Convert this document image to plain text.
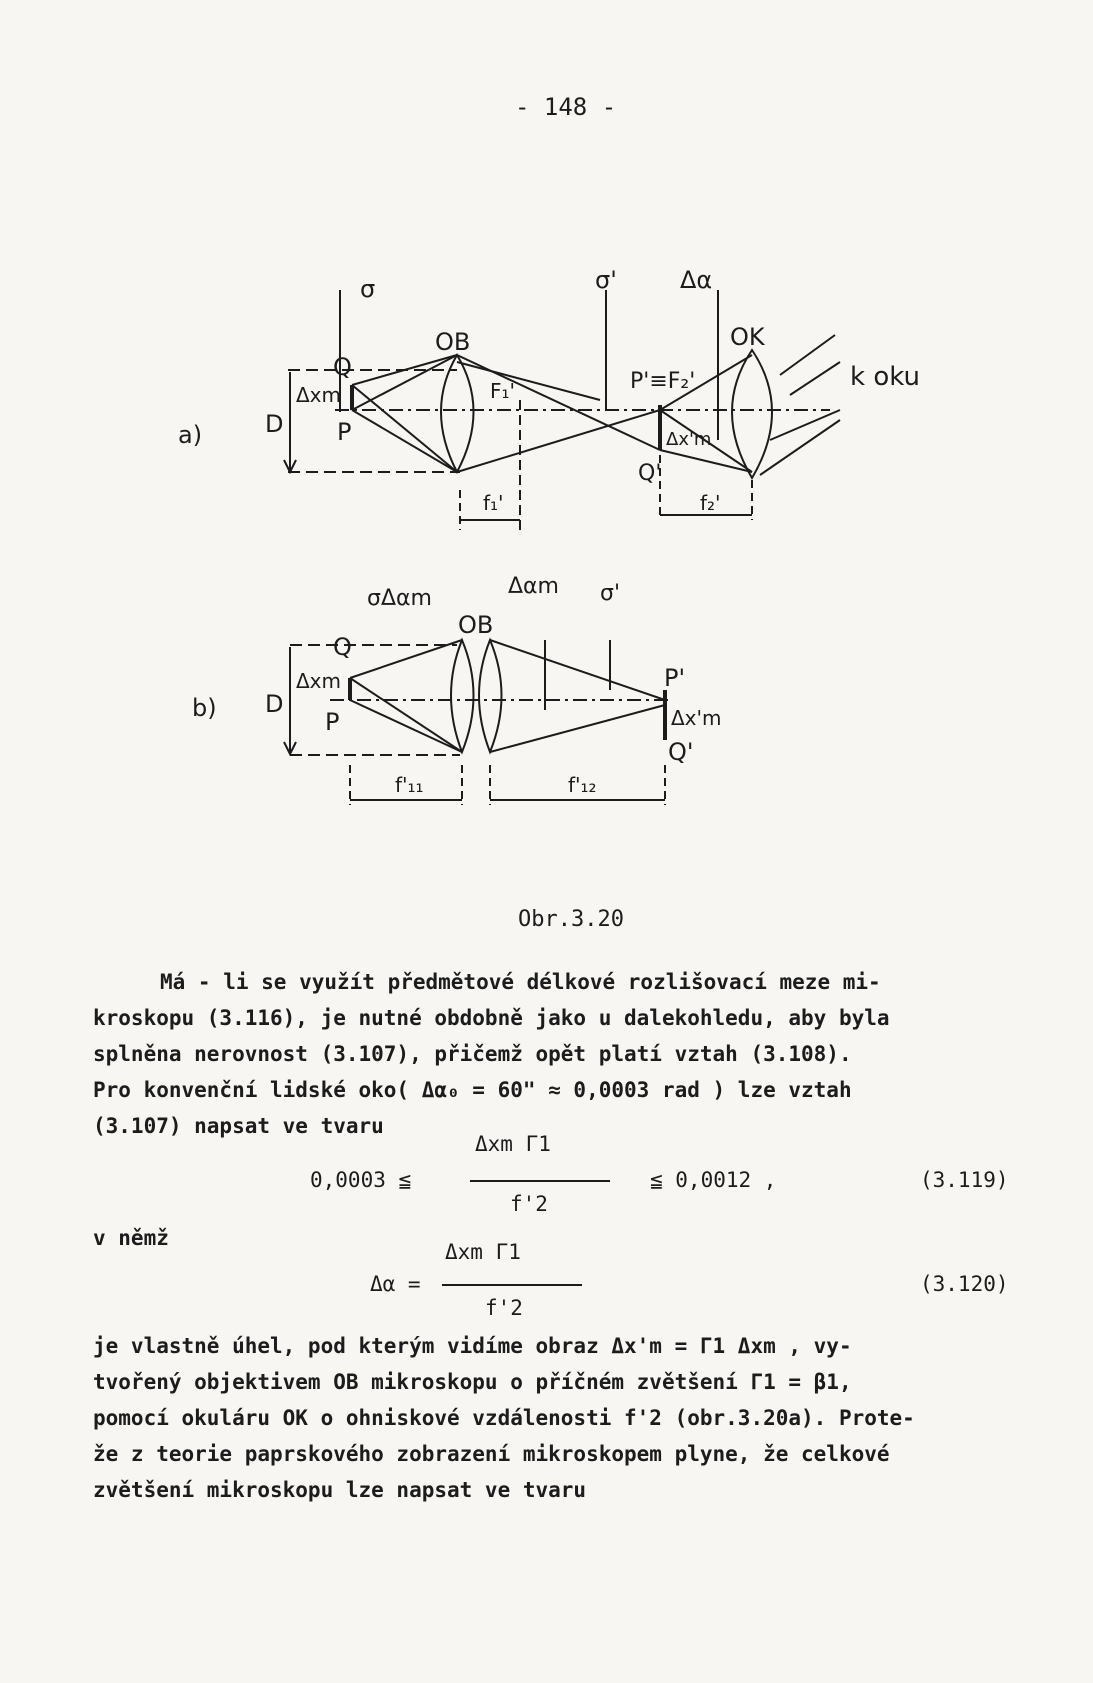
- 148 -
a)
σ	σ'	Δα
Q
P
D
Δxm
OB
F₁'	P'≡F₂'
OK
k oku
Δx'm
Q'
f₁'	f₂'
b)
σΔαm	Δαm σ'
OB
Q
P
D
Δxm	P'
Δx'm
Q'
f'₁₁	f'₁₂
Obr.3.20
Má - li se využít předmětové délkové rozlišovací meze mi-
kroskopu (3.116), je nutné obdobně jako u dalekohledu, aby byla
splněna nerovnost (3.107), přičemž opět platí vztah (3.108).
Pro konvenční lidské oko( Δα₀ = 60" ≈ 0,0003 rad ) lze vztah
(3.107) napsat ve tvaru
0,0003 ≦
Δxm Γ1
f'2
≦ 0,0012 ,	(3.119)
v němž
Δα =
Δxm Γ1
f'2
(3.120)
je vlastně úhel, pod kterým vidíme obraz Δx'm = Γ1 Δxm , vy-
tvořený objektivem OB mikroskopu o příčném zvětšení Γ1 = β1,
pomocí okuláru OK o ohniskové vzdálenosti f'2 (obr.3.20a). Prote-
že z teorie paprskového zobrazení mikroskopem plyne, že celkové
zvětšení mikroskopu lze napsat ve tvaru
